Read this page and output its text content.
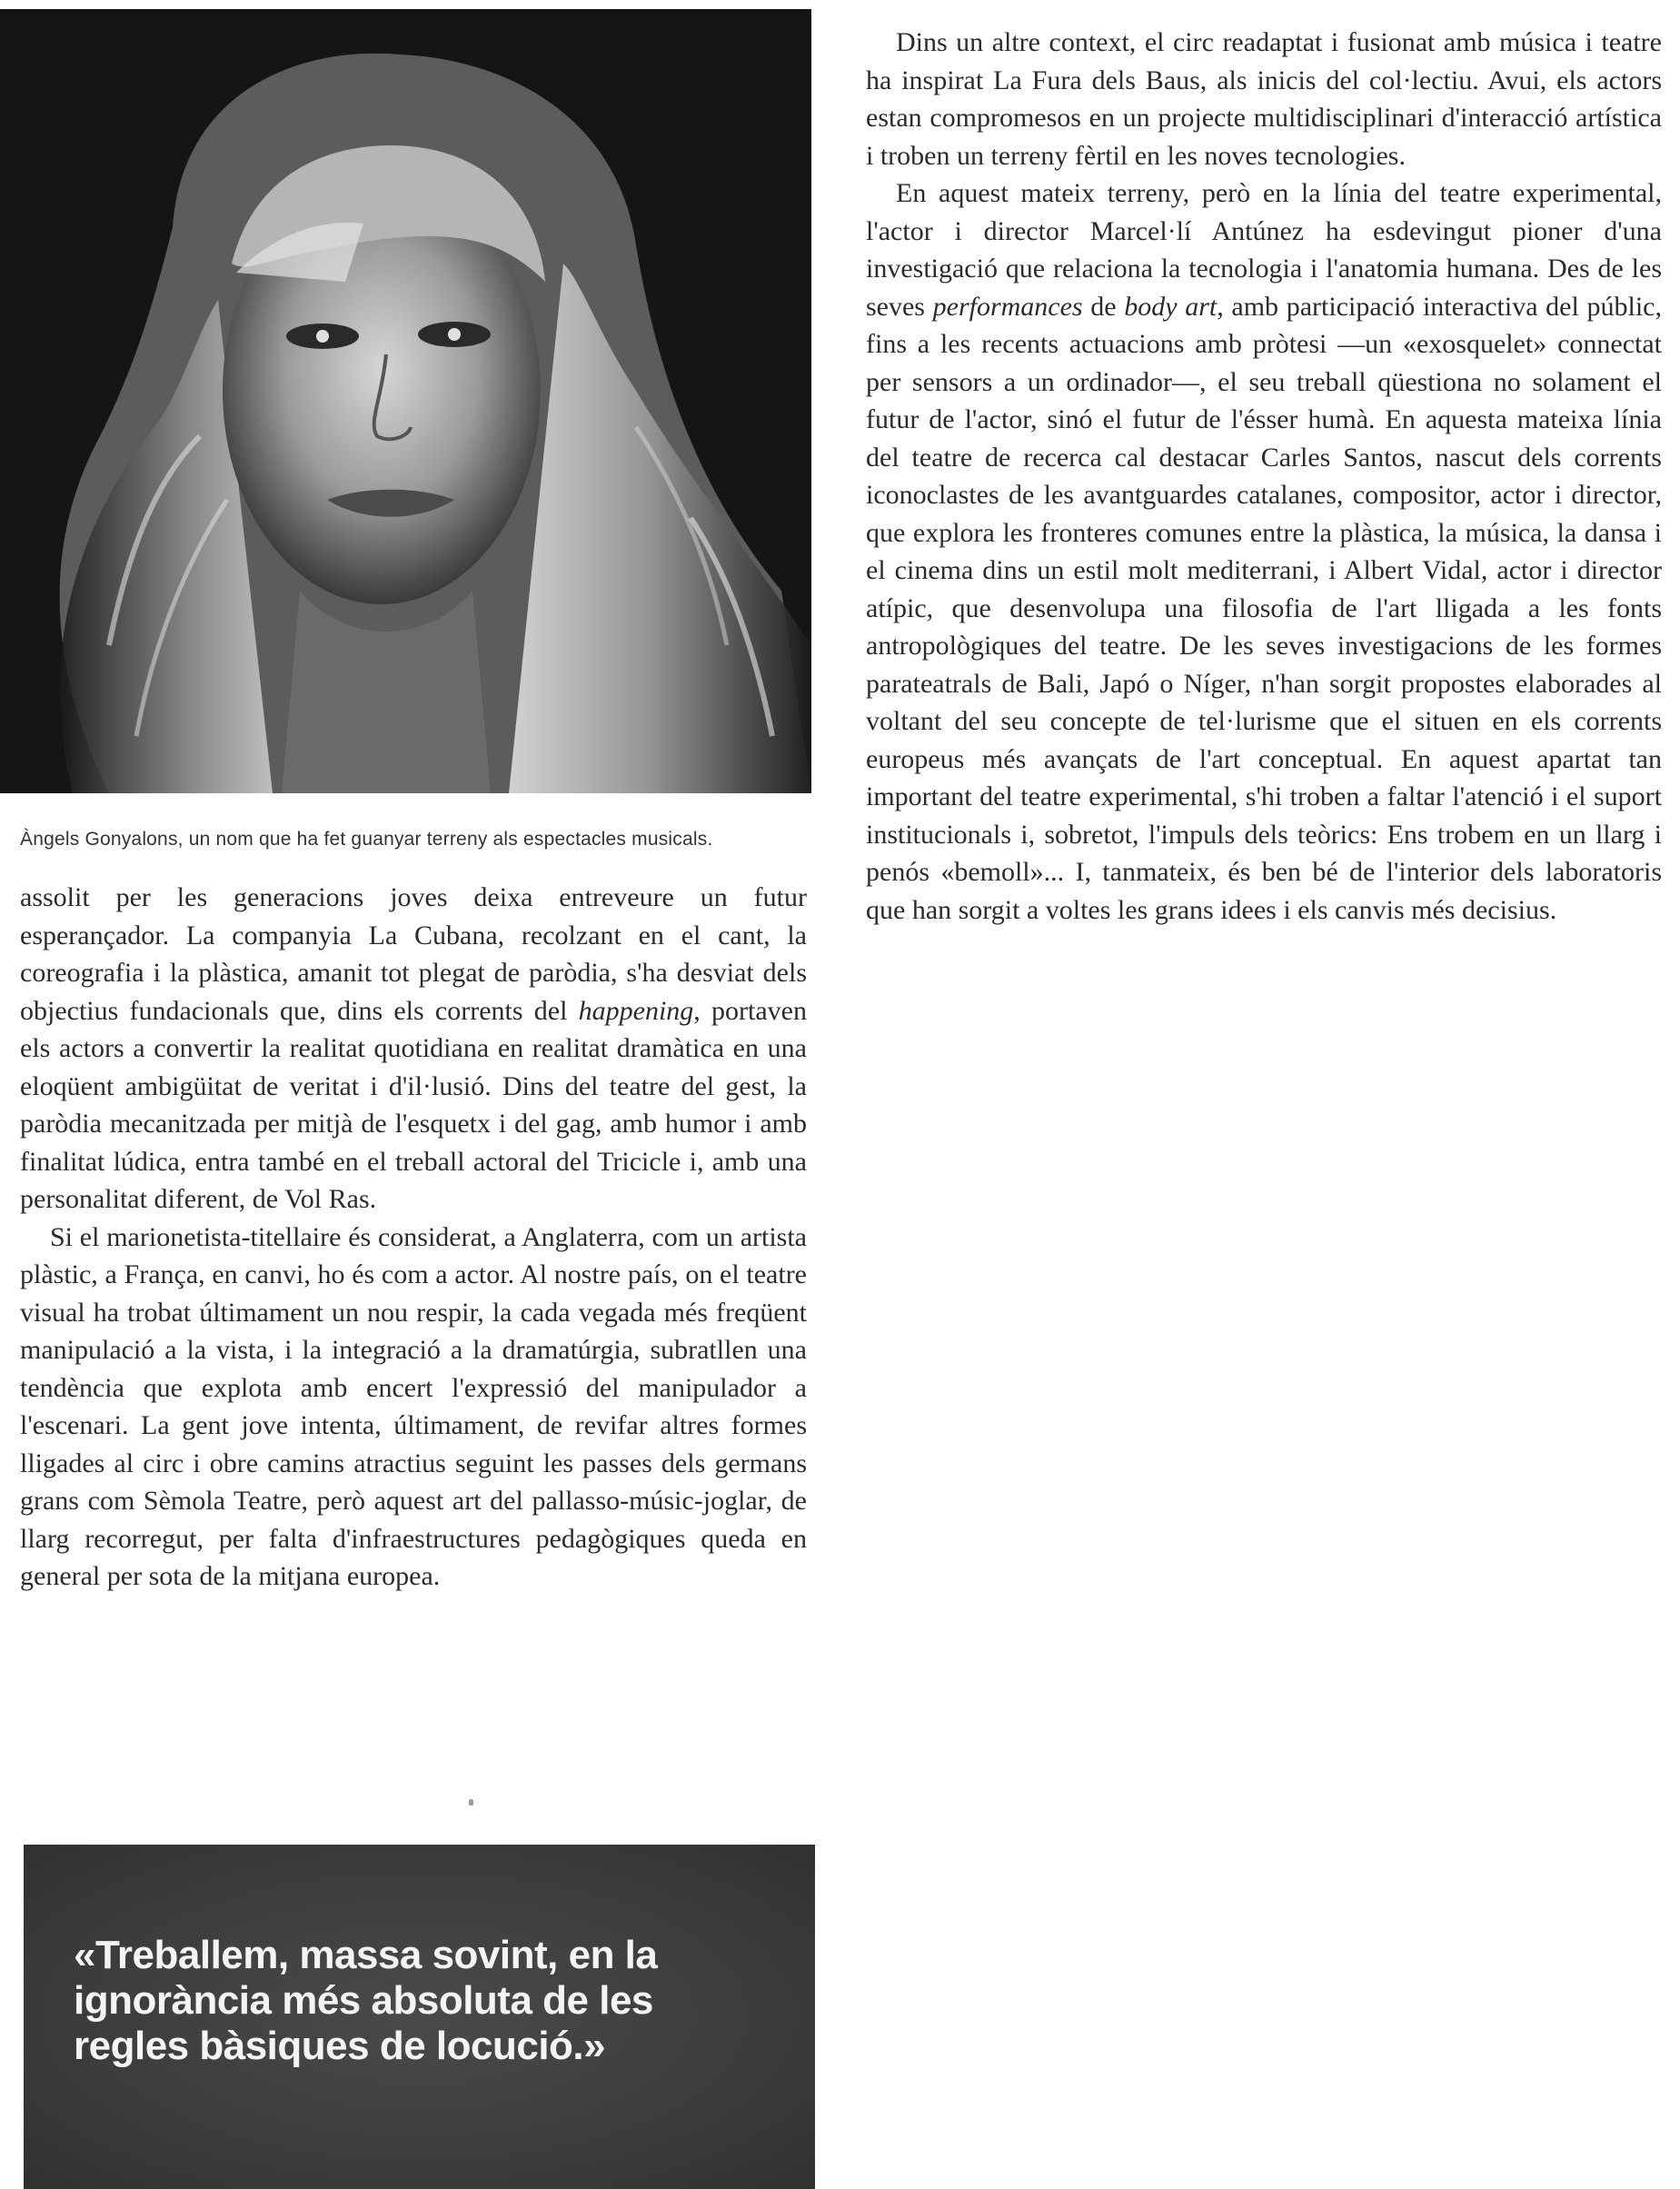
Àngels Gonyalons, un nom que ha fet guanyar terreny als espectacles musicals.

assolit per les generacions joves deixa entreveure un futur esperançador. La companyia La Cubana, recolzant en el cant, la coreografia i la plàstica, amanit tot plegat de paròdia, s'ha desviat dels objectius fundacionals que, dins els corrents del happening, portaven els actors a convertir la realitat quotidiana en realitat dramàtica en una eloqüent ambigüitat de veritat i d'il·lusió. Dins del teatre del gest, la paròdia mecanitzada per mitjà de l'esquetx i del gag, amb humor i amb finalitat lúdica, entra també en el treball actoral del Tricicle i, amb una personalitat diferent, de Vol Ras.

Si el marionetista-titellaire és considerat, a Anglaterra, com un artista plàstic, a França, en canvi, ho és com a actor. Al nostre país, on el teatre visual ha trobat últimament un nou respir, la cada vegada més freqüent manipulació a la vista, i la integració a la dramatúrgia, subratllen una tendència que explota amb encert l'expressió del manipulador a l'escenari. La gent jove intenta, últimament, de revifar altres formes lligades al circ i obre camins atractius seguint les passes dels germans grans com Sèmola Teatre, però aquest art del pallasso-músic-joglar, de llarg recorregut, per falta d'infraestructures pedagògiques queda en general per sota de la mitjana europea.

Dins un altre context, el circ readaptat i fusionat amb música i teatre ha inspirat La Fura dels Baus, als inicis del col·lectiu. Avui, els actors estan compromesos en un projecte multidisciplinari d'interacció artística i troben un terreny fèrtil en les noves tecnologies.

En aquest mateix terreny, però en la línia del teatre experimental, l'actor i director Marcel·lí Antúnez ha esdevingut pioner d'una investigació que relaciona la tecnologia i l'anatomia humana. Des de les seves performances de body art, amb participació interactiva del públic, fins a les recents actuacions amb pròtesi —un «exosquelet» connectat per sensors a un ordinador—, el seu treball qüestiona no solament el futur de l'actor, sinó el futur de l'ésser humà. En aquesta mateixa línia del teatre de recerca cal destacar Carles Santos, nascut dels corrents iconoclastes de les avantguardes catalanes, compositor, actor i director, que explora les fronteres comunes entre la plàstica, la música, la dansa i el cinema dins un estil molt mediterrani, i Albert Vidal, actor i director atípic, que desenvolupa una filosofia de l'art lligada a les fonts antropològiques del teatre. De les seves investigacions de les formes parateatrals de Bali, Japó o Níger, n'han sorgit propostes elaborades al voltant del seu concepte de tel·lurisme que el situen en els corrents europeus més avançats de l'art conceptual. En aquest apartat tan important del teatre experimental, s'hi troben a faltar l'atenció i el suport institucionals i, sobretot, l'impuls dels teòrics: Ens trobem en un llarg i penós «bemoll»... I, tanmateix, és ben bé de l'interior dels laboratoris que han sorgit a voltes les grans idees i els canvis més decisius.

«Treballem, massa sovint, en la ignorància més absoluta de les regles bàsiques de locució.»
